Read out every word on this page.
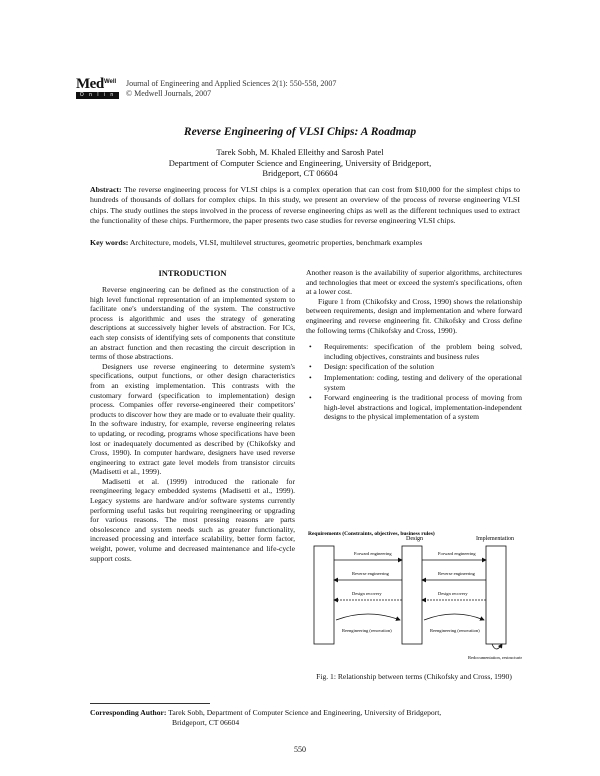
Med Well
O n l i n e
Journal of Engineering and Applied Sciences 2(1): 550-558, 2007
© Medwell Journals, 2007
Reverse Engineering of VLSI Chips: A Roadmap
Tarek Sobh, M. Khaled Elleithy and Sarosh Patel
Department of Computer Science and Engineering, University of Bridgeport,
Bridgeport, CT 06604
Abstract: The reverse engineering process for VLSI chips is a complex operation that can cost from $10,000 for the simplest chips to hundreds of thousands of dollars for complex chips. In this study, we present an overview of the process of reverse engineering VLSI chips. The study outlines the steps involved in the process of reverse engineering chips as well as the different techniques used to extract the functionality of these chips. Furthermore, the paper presents two case studies for reverse engineering VLSI chips.
Key words: Architecture, models, VLSI, multilevel structures, geometric properties, benchmark examples
INTRODUCTION

Reverse engineering can be defined as the construction of a high level functional representation of an implemented system to facilitate one's understanding of the system. The constructive process is algorithmic and uses the strategy of generating descriptions at successively higher levels of abstraction. For ICs, each step consists of identifying sets of components that constitute an abstract function and then recasting the circuit description in terms of those abstractions.

Designers use reverse engineering to determine system's specifications, output functions, or other design characteristics from an existing implementation. This contrasts with the customary forward (specification to implementation) design process. Companies offer reverse-engineered their competitors' products to discover how they are made or to evaluate their quality. In the software industry, for example, reverse engineering relates to updating, or recoding, programs whose specifications have been lost or inadequately documented as described by (Chikofsky and Cross, 1990). In computer hardware, designers have used reverse engineering to extract gate level models from transistor circuits (Madisetti et al., 1999).

Madisetti et al. (1999) introduced the rationale for reengineering legacy embedded systems (Madisetti et al., 1999). Legacy systems are hardware and/or software systems currently performing useful tasks but requiring reengineering or upgrading for various reasons. The most pressing reasons are parts obsolescence and system needs such as greater functionality, increased processing and interface scalability, better form factor, weight, power, volume and decreased maintenance and life-cycle support costs.

Another reason is the availability of superior algorithms, architectures and technologies that meet or exceed the system's specifications, often at a lower cost.

Figure 1 from (Chikofsky and Cross, 1990) shows the relationship between requirements, design and implementation and where forward engineering and reverse engineering fit. Chikofsky and Cross define the following terms (Chikofsky and Cross, 1990).

• Requirements: specification of the problem being solved, including objectives, constraints and business rules
• Design: specification of the solution
• Implementation: coding, testing and delivery of the operational system
• Forward engineering is the traditional process of moving from high-level abstractions and logical, implementation-independent designs to the physical implementation of a system
Requirements (Constraints, objectives, business rules)
Design	Implementation
Forward engineering	Forward engineering
Reverse engineering	Reverse engineering
Design recovery	Design recovery
Reengineering (renovation)	Reengineering (renovation)
Redocumentation, restructuring
Fig. 1: Relationship between terms (Chikofsky and Cross, 1990)
Corresponding Author: Tarek Sobh, Department of Computer Science and Engineering, University of Bridgeport,
Bridgeport, CT 06604
550
